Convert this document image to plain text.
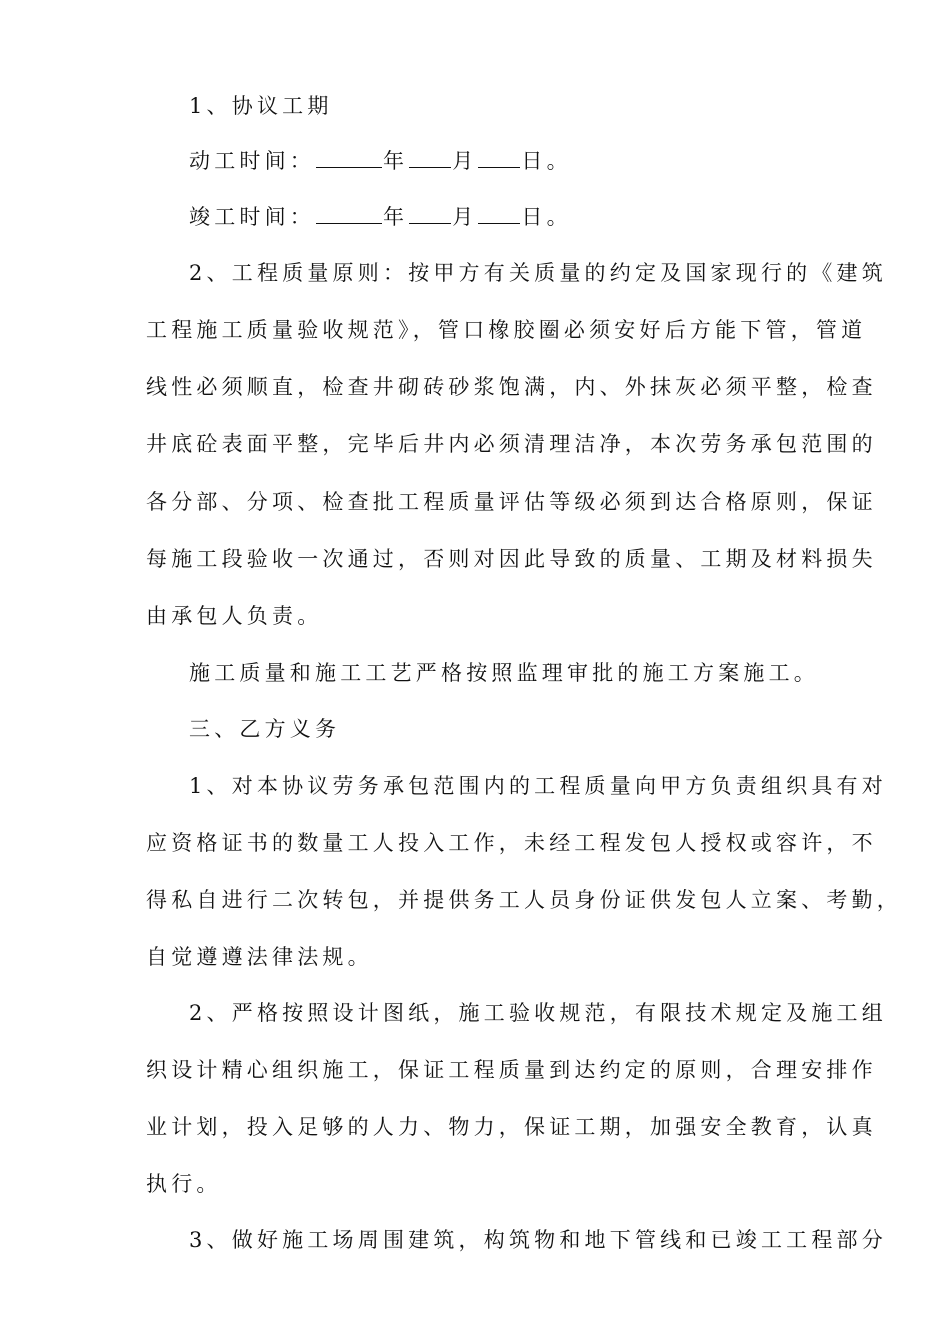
1、协议工期
动工时间：	年 月 日。
竣工时间：	年 月 日。
2、工程质量原则：按甲方有关质量的约定及国家现行的《建筑
工程施工质量验收规范》，管口橡胶圈必须安好后方能下管，管道
线性必须顺直，检查井砌砖砂浆饱满，内、外抹灰必须平整，检查
井底砼表面平整，完毕后井内必须清理洁净，本次劳务承包范围的
各分部、分项、检查批工程质量评估等级必须到达合格原则，保证
每施工段验收一次通过，否则对因此导致的质量、工期及材料损失
由承包人负责。
施工质量和施工工艺严格按照监理审批的施工方案施工。
三、乙方义务
1、对本协议劳务承包范围内的工程质量向甲方负责组织具有对
应资格证书的数量工人投入工作，未经工程发包人授权或容许，不
得私自进行二次转包，并提供务工人员身份证供发包人立案、考勤，
自觉遵遵法律法规。
2、严格按照设计图纸，施工验收规范，有限技术规定及施工组
织设计精心组织施工，保证工程质量到达约定的原则，合理安排作
业计划，投入足够的人力、物力，保证工期，加强安全教育，认真
执行。
3、做好施工场周围建筑，构筑物和地下管线和已竣工工程部分
